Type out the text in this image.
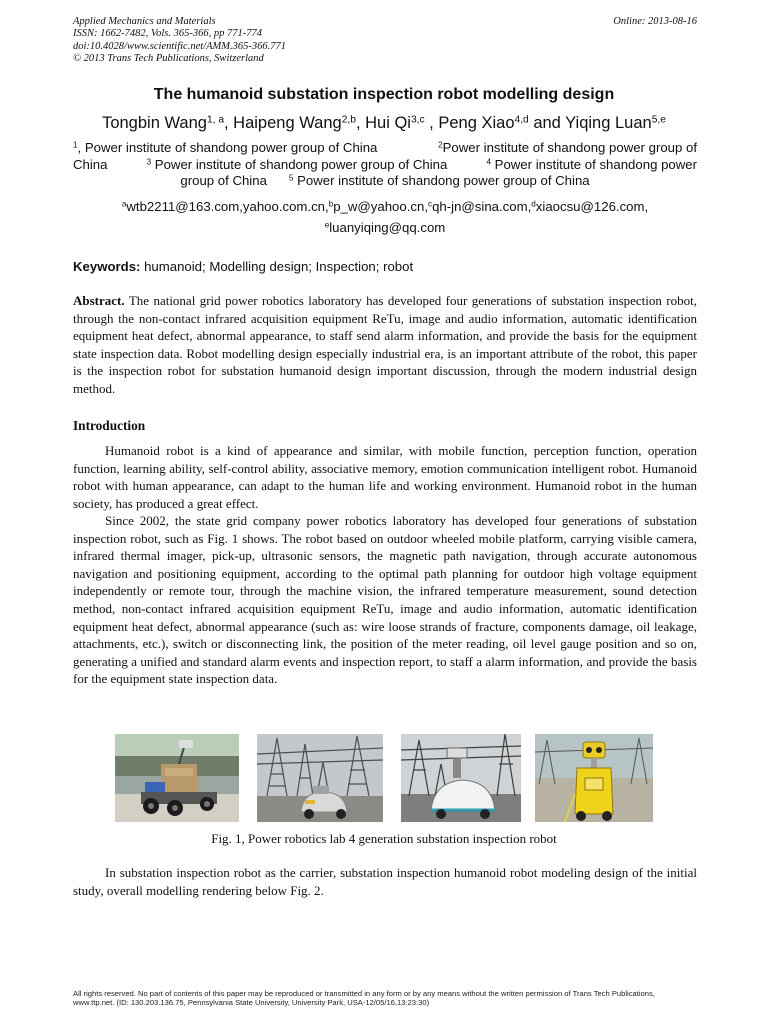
Applied Mechanics and Materials
ISSN: 1662-7482, Vols. 365-366, pp 771-774
doi:10.4028/www.scientific.net/AMM.365-366.771
© 2013 Trans Tech Publications, Switzerland
Online: 2013-08-16
The humanoid substation inspection robot modelling design
Tongbin Wang$^{1, a}$, Haipeng Wang$^{2,b}$, Hui Qi$^{3,c}$ , Peng Xiao$^{4,d}$ and Yiqing Luan$^{5,e}$
$^1$, Power institute of shandong power group of China	$^2$Power institute of shandong power group of
China	$^3$ Power institute of shandong power group of China	$^4$ Power institute of shandong power
group of China	$^5$ Power institute of shandong power group of China
$^a$wtb2211@163.com,yahoo.com.cn,$^b$p_w@yahoo.cn,$^c$qh-jn@sina.com,$^d$xiaocsu@126.com,
$^e$luanyiqing@qq.com
Keywords: humanoid; Modelling design; Inspection; robot
Abstract. The national grid power robotics laboratory has developed four generations of substation inspection robot, through the non-contact infrared acquisition equipment ReTu, image and audio information, automatic identification equipment heat defect, abnormal appearance, to staff send alarm information, and provide the basis for the equipment state inspection data. Robot modelling design especially industrial era, is an important attribute of the robot, this paper is the inspection robot for substation humanoid design important discussion, through the modern industrial design method.
Introduction

Humanoid robot is a kind of appearance and similar, with mobile function, perception function, operation function, learning ability, self-control ability, associative memory, emotion communication intelligent robot. Humanoid robot with human appearance, can adapt to the human life and working environment. Humanoid robot in the human society, has produced a great effect.

Since 2002, the state grid company power robotics laboratory has developed four generations of substation inspection robot, such as Fig. 1 shows. The robot based on outdoor wheeled mobile platform, carrying visible camera, infrared thermal imager, pick-up, ultrasonic sensors, the magnetic path navigation, through accurate autonomous navigation and positioning equipment, according to the optimal path planning for outdoor high voltage equipment independently or remote tour, through the machine vision, the infrared temperature measurement, sound detection method, non-contact infrared acquisition equipment ReTu, image and audio information, automatic identification equipment heat defect, abnormal appearance (such as: wire loose strands of fracture, components damage, oil leakage, attachments, etc.), switch or disconnecting link, the position of the meter reading, oil level gauge position and so on, generating a unified and standard alarm events and inspection report, to staff a alarm information, and provide the basis for the equipment state inspection data.

Fig. 1, Power robotics lab 4 generation substation inspection robot

In substation inspection robot as the carrier, substation inspection humanoid robot modeling design of the initial study, overall modelling rendering below Fig. 2.

All rights reserved. No part of contents of this paper may be reproduced or transmitted in any form or by any means without the written permission of Trans Tech Publications, www.ttp.net. (ID: 130.203.136.75, Pennsylvania State University, University Park, USA-12/05/16,13:23:30)
